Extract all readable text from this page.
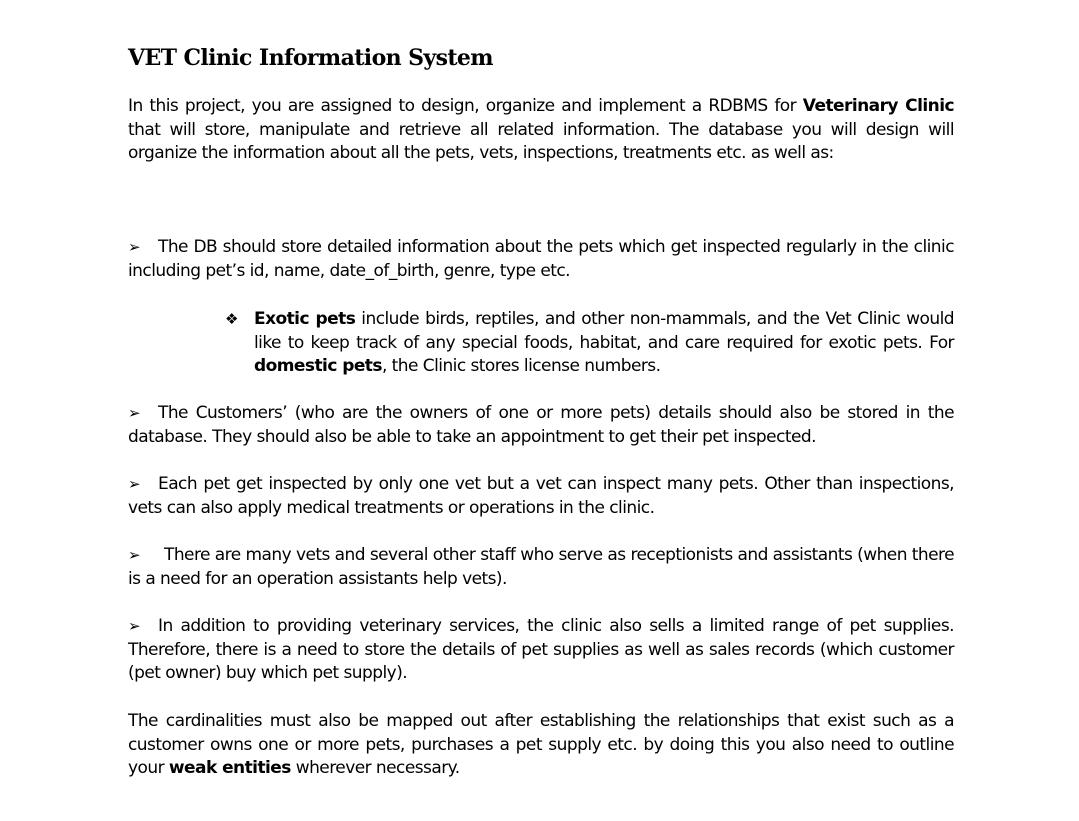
VET Clinic Information System

In this project, you are assigned to design, organize and implement a RDBMS for Veterinary Clinic that will store, manipulate and retrieve all related information. The database you will design will organize the information about all the pets, vets, inspections, treatments etc. as well as:

➢ The DB should store detailed information about the pets which get inspected regularly in the clinic including pet’s id, name, date_of_birth, genre, type etc.

❖ Exotic pets include birds, reptiles, and other non-mammals, and the Vet Clinic would like to keep track of any special foods, habitat, and care required for exotic pets. For domestic pets, the Clinic stores license numbers.

➢ The Customers’ (who are the owners of one or more pets) details should also be stored in the database. They should also be able to take an appointment to get their pet inspected.

➢ Each pet get inspected by only one vet but a vet can inspect many pets. Other than inspections, vets can also apply medical treatments or operations in the clinic.

➢ There are many vets and several other staff who serve as receptionists and assistants (when there is a need for an operation assistants help vets).

➢ In addition to providing veterinary services, the clinic also sells a limited range of pet supplies. Therefore, there is a need to store the details of pet supplies as well as sales records (which customer (pet owner) buy which pet supply).

The cardinalities must also be mapped out after establishing the relationships that exist such as a customer owns one or more pets, purchases a pet supply etc. by doing this you also need to outline your weak entities wherever necessary.
